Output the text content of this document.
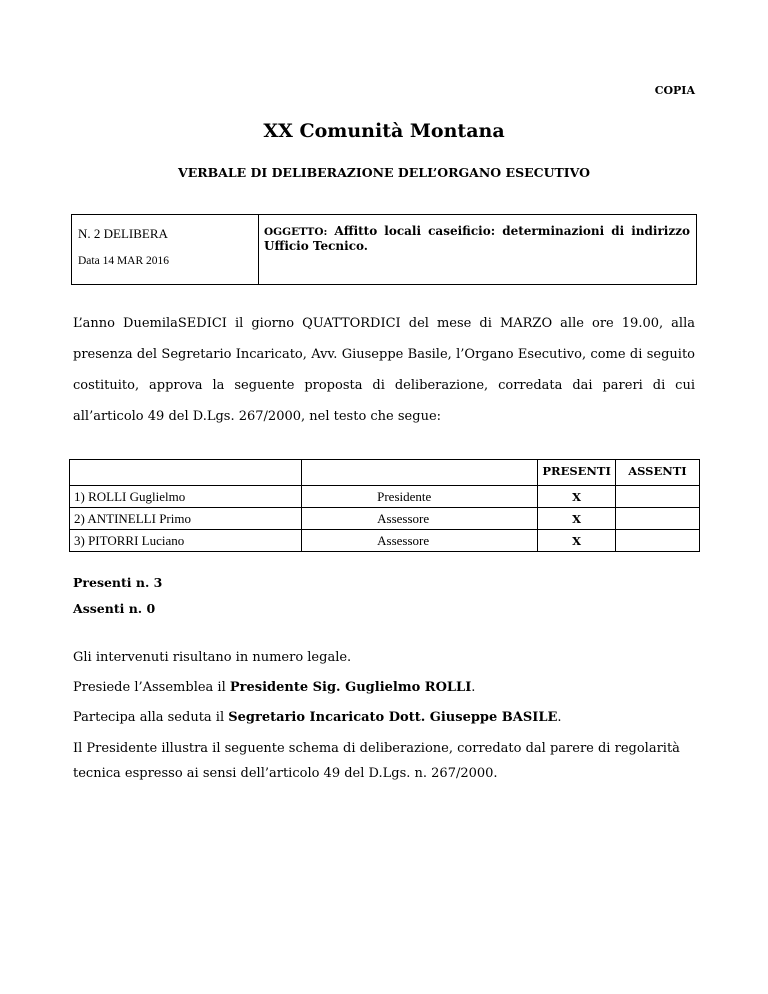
COPIA
XX Comunità Montana
VERBALE DI DELIBERAZIONE DELL’ORGANO ESECUTIVO
N. 2 DELIBERA
Data 14 MAR 2016
OGGETTO: Affitto locali caseificio: determinazioni di indirizzo Ufficio Tecnico.
L’anno DuemilaSEDICI il giorno QUATTORDICI del mese di MARZO alle ore 19.00, alla presenza del Segretario Incaricato, Avv. Giuseppe Basile, l’Organo Esecutivo, come di seguito costituito, approva la seguente proposta di deliberazione, corredata dai pareri di cui all’articolo 49 del D.Lgs. 267/2000, nel testo che segue:
		PRESENTI	ASSENTI
1) ROLLI Guglielmo	Presidente	X	
2) ANTINELLI Primo	Assessore	X	
3) PITORRI Luciano	Assessore	X	
Presenti n. 3
Assenti n. 0
Gli intervenuti risultano in numero legale.
Presiede l’Assemblea il Presidente Sig. Guglielmo ROLLI.
Partecipa alla seduta il Segretario Incaricato Dott. Giuseppe BASILE.
Il Presidente illustra il seguente schema di deliberazione, corredato dal parere di regolarità tecnica espresso ai sensi dell’articolo 49 del D.Lgs. n. 267/2000.
